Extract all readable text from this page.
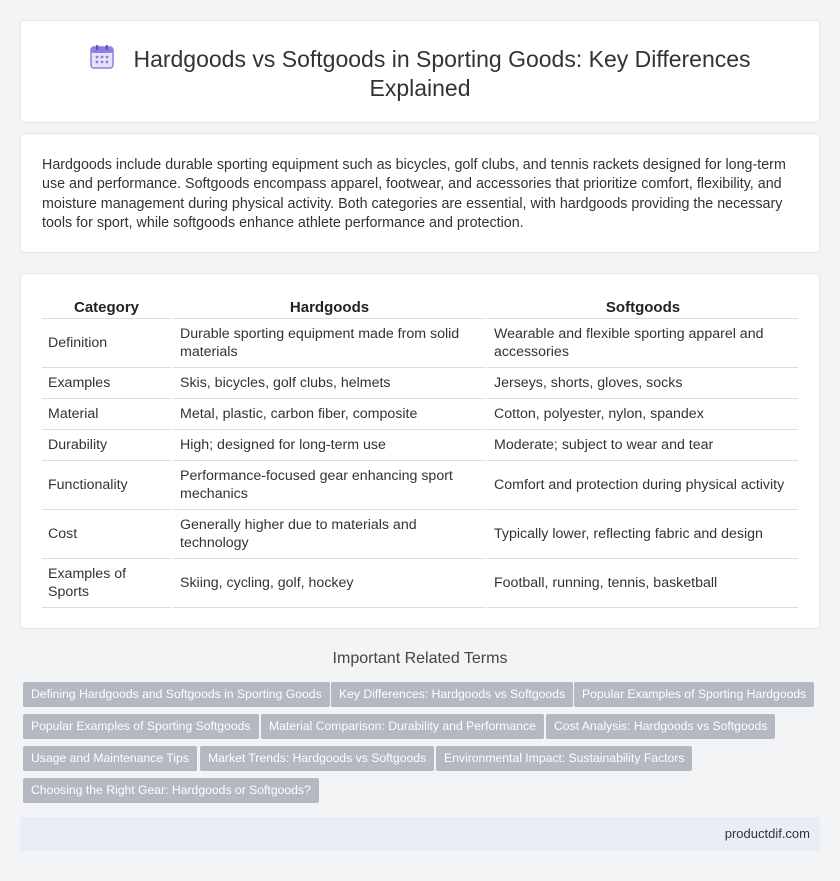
Hardgoods vs Softgoods in Sporting Goods: Key Differences Explained

Hardgoods include durable sporting equipment such as bicycles, golf clubs, and tennis rackets designed for long-term use and performance. Softgoods encompass apparel, footwear, and accessories that prioritize comfort, flexibility, and moisture management during physical activity. Both categories are essential, with hardgoods providing the necessary tools for sport, while softgoods enhance athlete performance and protection.

Category	Hardgoods	Softgoods
Definition	Durable sporting equipment made from solid materials	Wearable and flexible sporting apparel and accessories
Examples	Skis, bicycles, golf clubs, helmets	Jerseys, shorts, gloves, socks
Material	Metal, plastic, carbon fiber, composite	Cotton, polyester, nylon, spandex
Durability	High; designed for long-term use	Moderate; subject to wear and tear
Functionality	Performance-focused gear enhancing sport mechanics	Comfort and protection during physical activity
Cost	Generally higher due to materials and technology	Typically lower, reflecting fabric and design
Examples of Sports	Skiing, cycling, golf, hockey	Football, running, tennis, basketball
Important Related Terms
Defining Hardgoods and Softgoods in Sporting Goods	Key Differences: Hardgoods vs Softgoods	Popular Examples of Sporting Hardgoods
Popular Examples of Sporting Softgoods	Material Comparison: Durability and Performance	Cost Analysis: Hardgoods vs Softgoods
Usage and Maintenance Tips	Market Trends: Hardgoods vs Softgoods	Environmental Impact: Sustainability Factors
Choosing the Right Gear: Hardgoods or Softgoods?
productdif.com
